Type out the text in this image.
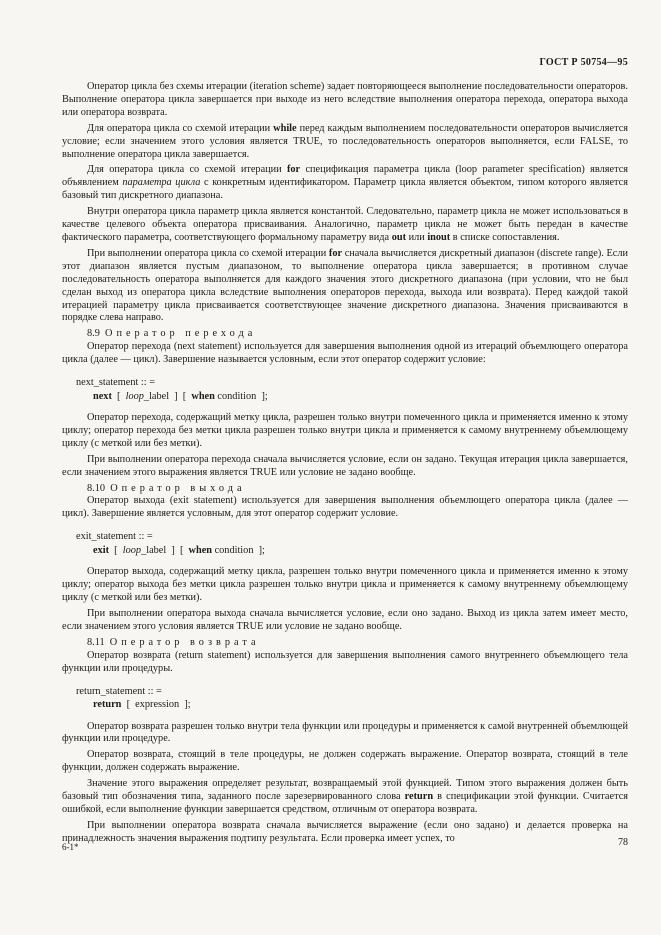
ГОСТ Р 50754—95

Оператор цикла без схемы итерации (iteration scheme) задает повторяющееся выполнение последовательности операторов. Выполнение оператора цикла завершается при выходе из него вследствие выполнения оператора перехода, оператора выхода или оператора возврата.

Для оператора цикла со схемой итерации while перед каждым выполнением последовательности операторов вычисляется условие; если значением этого условия является TRUE, то последовательность операторов выполняется, если FALSE, то выполнение оператора цикла завершается.

Для оператора цикла со схемой итерации for спецификация параметра цикла (loop parameter specification) является объявлением параметра цикла с конкретным идентификатором. Параметр цикла является объектом, типом которого является базовый тип дискретного диапазона.

Внутри оператора цикла параметр цикла является константой. Следовательно, параметр цикла не может использоваться в качестве целевого объекта оператора присваивания. Аналогично, параметр цикла не может быть передан в качестве фактического параметра, соответствующего формальному параметру вида out или inout в списке сопоставления.

При выполнении оператора цикла со схемой итерации for сначала вычисляется дискретный диапазон (discrete range). Если этот диапазон является пустым диапазоном, то выполнение оператора цикла завершается; в противном случае последовательность оператора выполняется для каждого значения этого дискретного диапазона (при условии, что не был сделан выход из оператора цикла вследствие выполнения операторов перехода, выхода или возврата). Перед каждой такой итерацией параметру цикла присваивается соответствующее значение дискретного диапазона. Значения присваиваются в порядке слева направо.

8.9 Оператор перехода

Оператор перехода (next statement) используется для завершения выполнения одной из итераций объемлющего оператора цикла (далее — цикл). Завершение называется условным, если этот оператор содержит условие:

next_statement :: =
next  [  loop_label  ]  [  when condition  ];

Оператор перехода, содержащий метку цикла, разрешен только внутри помеченного цикла и применяется именно к этому циклу; оператор перехода без метки цикла разрешен только внутри цикла и применяется к самому внутреннему объемлющему циклу (с меткой или без метки).

При выполнении оператора перехода сначала вычисляется условие, если он задано. Текущая итерация цикла завершается, если значением этого выражения является TRUE или условие не задано вообще.

8.10 Оператор выхода

Оператор выхода (exit statement) используется для завершения выполнения объемлющего оператора цикла (далее — цикл). Завершение является условным, для этот оператор содержит условие.

exit_statement :: =
exit  [  loop_label  ]  [  when condition  ];

Оператор выхода, содержащий метку цикла, разрешен только внутри помеченного цикла и применяется именно к этому циклу; оператор выхода без метки цикла разрешен только внутри цикла и применяется к самому внутреннему объемлющему циклу (с меткой или без метки).

При выполнении оператора выхода сначала вычисляется условие, если оно задано. Выход из цикла затем имеет место, если значением этого условия является TRUE или условие не задано вообще.

8.11 Оператор возврата

Оператор возврата (return statement) используется для завершения выполнения самого внутреннего объемлющего тела функции или процедуры.

return_statement :: =
return  [  expression  ];

Оператор возврата разрешен только внутри тела функции или процедуры и применяется к самой внутренней объемлющей функции или процедуре.

Оператор возврата, стоящий в теле процедуры, не должен содержать выражение. Оператор возврата, стоящий в теле функции, должен содержать выражение.

Значение этого выражения определяет результат, возвращаемый этой функцией. Типом этого выражения должен быть базовый тип обозначения типа, заданного после зарезервированного слова return в спецификации этой функции. Считается ошибкой, если выполнение функции завершается средством, отличным от оператора возврата.

При выполнении оператора возврата сначала вычисляется выражение (если оно задано) и делается проверка на принадлежность значения выражения подтипу результата. Если проверка имеет успех, то

6-1*	78
